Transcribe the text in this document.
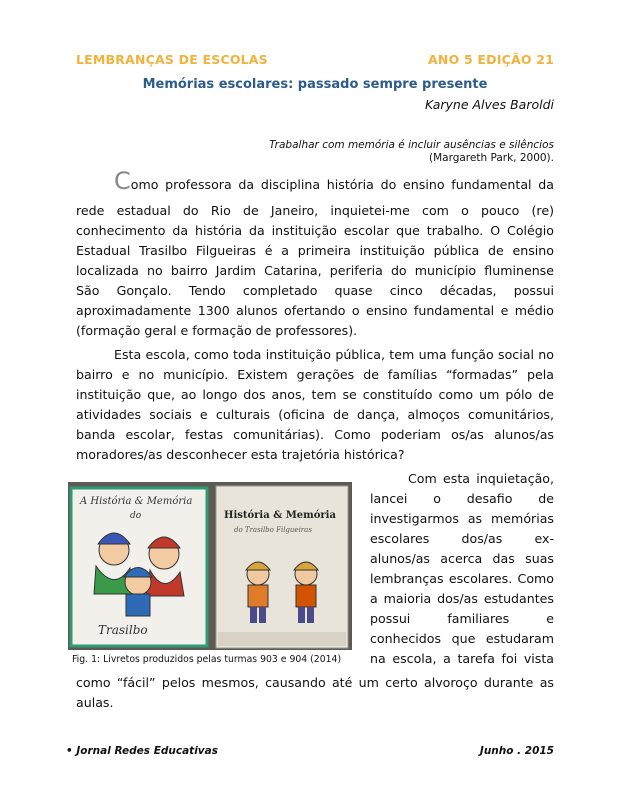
LEMBRANÇAS DE ESCOLAS	ANO 5 EDIÇÃO 21
Memórias escolares: passado sempre presente
Karyne Alves Baroldi
Trabalhar com memória é incluir ausências e silêncios
(Margareth Park, 2000).
Como professora da disciplina história do ensino fundamental da
rede estadual do Rio de Janeiro, inquietei-me com o pouco (re)
conhecimento da história da instituição escolar que trabalho. O Colégio
Estadual Trasilbo Filgueiras é a primeira instituição pública de ensino
localizada no bairro Jardim Catarina, periferia do município fluminense
São Gonçalo. Tendo completado quase cinco décadas, possui
aproximadamente 1300 alunos ofertando o ensino fundamental e médio
(formação geral e formação de professores).
Esta escola, como toda instituição pública, tem uma função social no
bairro e no município. Existem gerações de famílias “formadas” pela
instituição que, ao longo dos anos, tem se constituído como um pólo de
atividades sociais e culturais (oficina de dança, almoços comunitários,
banda escolar, festas comunitárias). Como poderiam os/as alunos/as
moradores/as desconhecer esta trajetória histórica?
Com esta inquietação,
lancei o desafio de
investigarmos as memórias
escolares dos/as ex-
alunos/as acerca das suas
lembranças escolares. Como
a maioria dos/as estudantes
possui familiares e
conhecidos que estudaram
na escola, a tarefa foi vista
como “fácil” pelos mesmos, causando até um certo alvoroço durante as
aulas.
A História & Memória
do
Trasilbo
História & Memória
do Trasilbo Filgueiras
Fig. 1: Livretos produzidos pelas turmas 903 e 904 (2014)
• Jornal Redes Educativas	Junho . 2015
